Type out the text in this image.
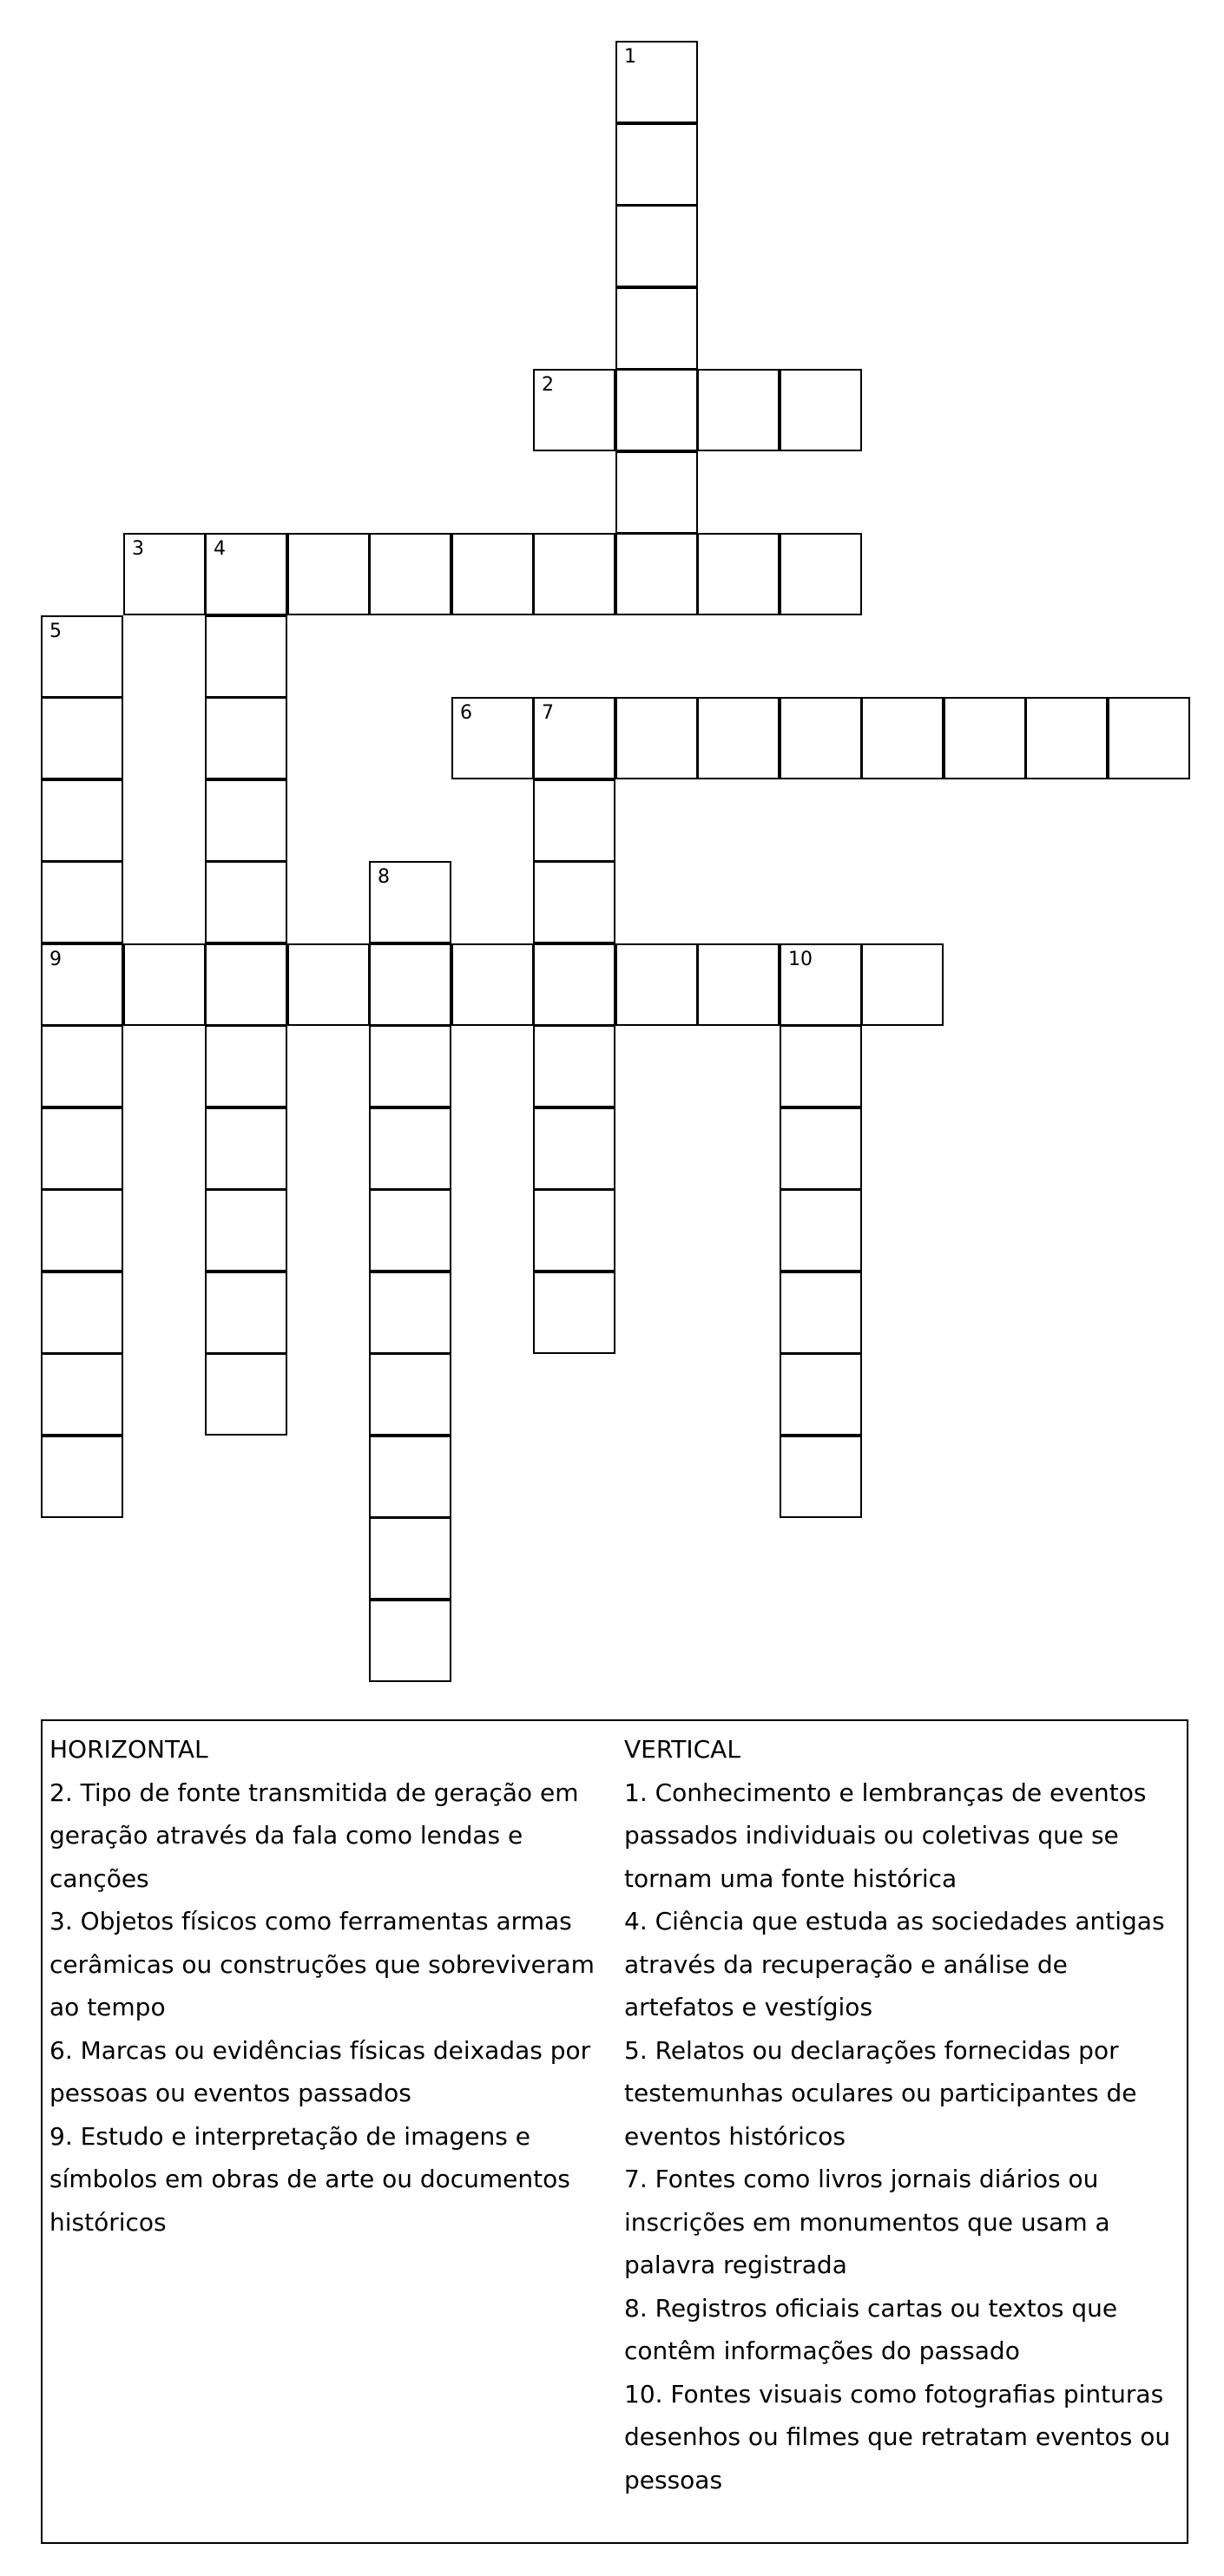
1
2
3	4
5
9
6	7
8
10
HORIZONTAL
2. Tipo de fonte transmitida de geração em geração através da fala como lendas e canções
3. Objetos físicos como ferramentas armas cerâmicas ou construções que sobreviveram ao tempo
6. Marcas ou evidências físicas deixadas por pessoas ou eventos passados
9. Estudo e interpretação de imagens e símbolos em obras de arte ou documentos históricos
VERTICAL
1. Conhecimento e lembranças de eventos passados individuais ou coletivas que se tornam uma fonte histórica
4. Ciência que estuda as sociedades antigas através da recuperação e análise de artefatos e vestígios
5. Relatos ou declarações fornecidas por testemunhas oculares ou participantes de eventos históricos
7. Fontes como livros jornais diários ou inscrições em monumentos que usam a palavra registrada
8. Registros oficiais cartas ou textos que contêm informações do passado
10. Fontes visuais como fotografias pinturas desenhos ou filmes que retratam eventos ou pessoas
